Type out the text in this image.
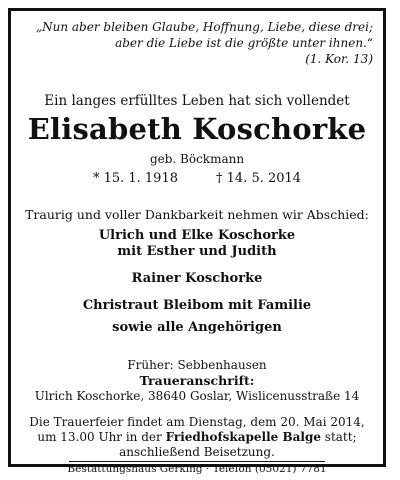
„Nun aber bleiben Glaube, Hoffnung, Liebe, diese drei;
aber die Liebe ist die größte unter ihnen.“
(1. Kor. 13)
Ein langes erfülltes Leben hat sich vollendet
Elisabeth Koschorke
geb. Böckmann
* 15. 1. 1918	† 14. 5. 2014
Traurig und voller Dankbarkeit nehmen wir Abschied:
Ulrich und Elke Koschorke
mit Esther und Judith
Rainer Koschorke
Christraut Bleibom mit Familie
sowie alle Angehörigen
Früher: Sebbenhausen
Traueranschrift:
Ulrich Koschorke, 38640 Goslar, Wislicenusstraße 14
Die Trauerfeier findet am Dienstag, dem 20. Mai 2014,
um 13.00 Uhr in der Friedhofskapelle Balge statt;
anschließend Beisetzung.
Bestattungshaus Gerking · Telefon (05021) 7781
